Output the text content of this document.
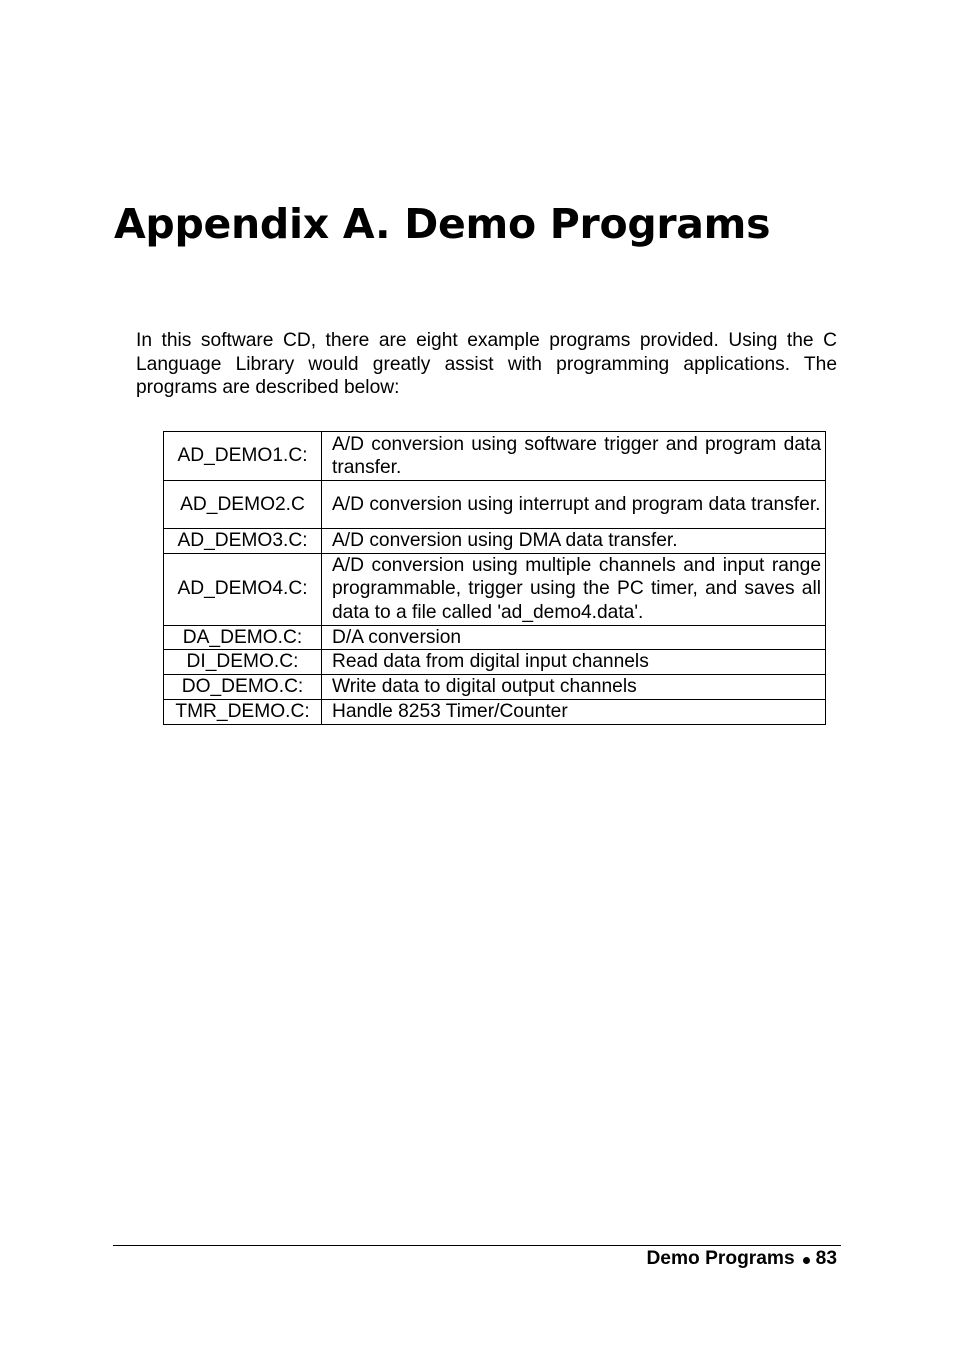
Appendix A. Demo Programs

In this software CD, there are eight example programs provided. Using the C Language Library would greatly assist with programming applications. The programs are described below:

AD_DEMO1.C:	A/D conversion using software trigger and program data transfer.
AD_DEMO2.C	A/D conversion using interrupt and program data transfer.
AD_DEMO3.C:	A/D conversion using DMA data transfer.
AD_DEMO4.C:	A/D conversion using multiple channels and input range programmable, trigger using the PC timer, and saves all data to a file called 'ad_demo4.data'.
DA_DEMO.C:	D/A conversion
DI_DEMO.C:	Read data from digital input channels
DO_DEMO.C:	Write data to digital output channels
TMR_DEMO.C:	Handle 8253 Timer/Counter
Demo Programs 83
